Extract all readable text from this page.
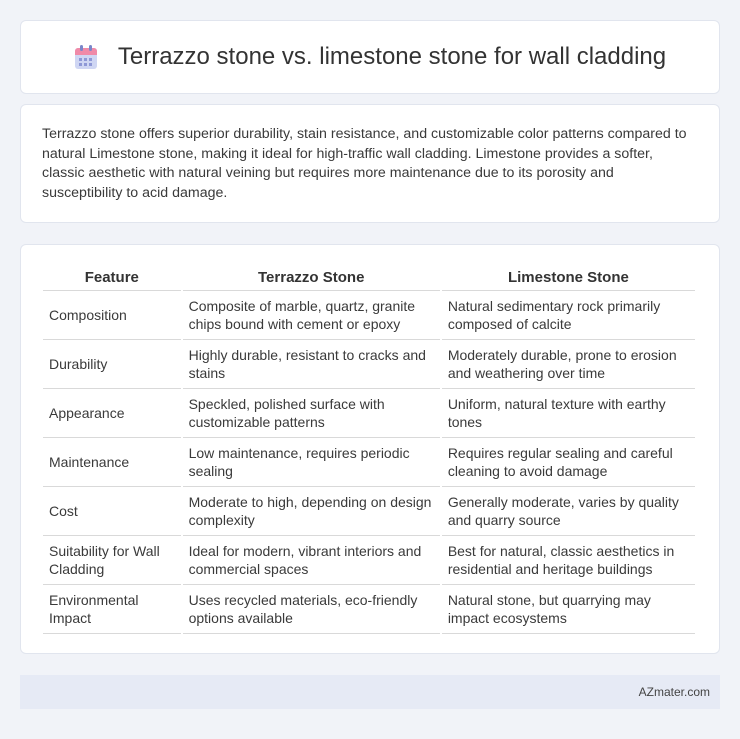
Terrazzo stone vs. limestone stone for wall cladding

Terrazzo stone offers superior durability, stain resistance, and customizable color patterns compared to natural Limestone stone, making it ideal for high-traffic wall cladding. Limestone provides a softer, classic aesthetic with natural veining but requires more maintenance due to its porosity and susceptibility to acid damage.

Feature	Terrazzo Stone	Limestone Stone
Composition	Composite of marble, quartz, granite chips bound with cement or epoxy	Natural sedimentary rock primarily composed of calcite
Durability	Highly durable, resistant to cracks and stains	Moderately durable, prone to erosion and weathering over time
Appearance	Speckled, polished surface with customizable patterns	Uniform, natural texture with earthy tones
Maintenance	Low maintenance, requires periodic sealing	Requires regular sealing and careful cleaning to avoid damage
Cost	Moderate to high, depending on design complexity	Generally moderate, varies by quality and quarry source
Suitability for Wall Cladding	Ideal for modern, vibrant interiors and commercial spaces	Best for natural, classic aesthetics in residential and heritage buildings
Environmental Impact	Uses recycled materials, eco-friendly options available	Natural stone, but quarrying may impact ecosystems
AZmater.com
